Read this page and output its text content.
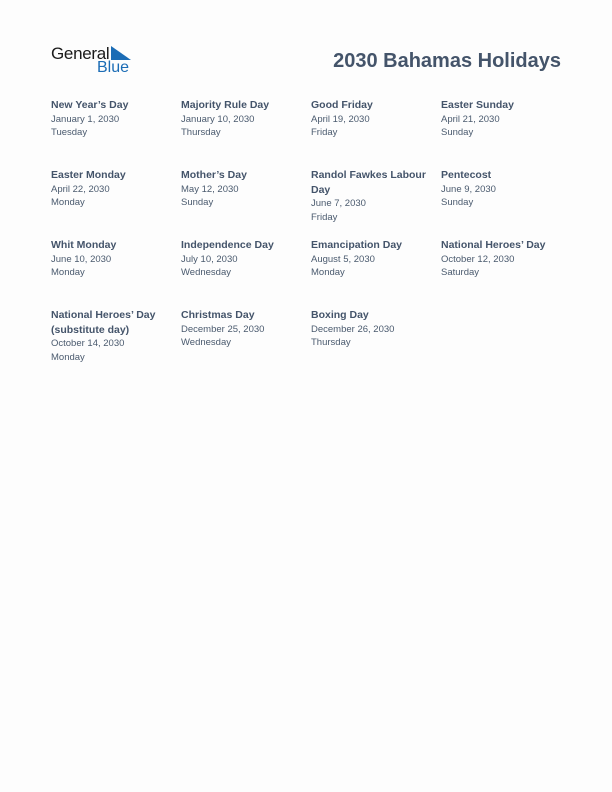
General
Blue	2030 Bahamas Holidays
New Year’s Day
January 1, 2030
Tuesday
Majority Rule Day
January 10, 2030
Thursday
Good Friday
April 19, 2030
Friday
Easter Sunday
April 21, 2030
Sunday
Easter Monday
April 22, 2030
Monday
Mother’s Day
May 12, 2030
Sunday
Randol Fawkes Labour Day
June 7, 2030
Friday
Pentecost
June 9, 2030
Sunday
Whit Monday
June 10, 2030
Monday
Independence Day
July 10, 2030
Wednesday
Emancipation Day
August 5, 2030
Monday
National Heroes’ Day
October 12, 2030
Saturday
National Heroes’ Day (substitute day)
October 14, 2030
Monday
Christmas Day
December 25, 2030
Wednesday
Boxing Day
December 26, 2030
Thursday
